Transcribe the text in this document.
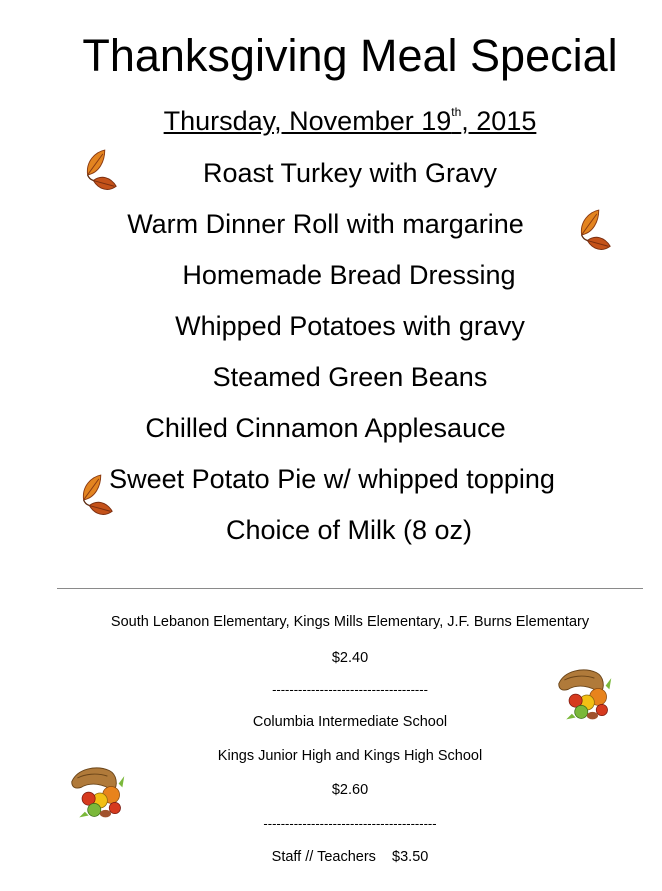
Thanksgiving Meal Special
Thursday, November 19th, 2015
Roast Turkey with Gravy
Warm Dinner Roll with margarine
Homemade Bread Dressing
Whipped Potatoes with gravy
Steamed Green Beans
Chilled Cinnamon Applesauce
Sweet Potato Pie w/ whipped topping
Choice of Milk (8 oz)
South Lebanon Elementary, Kings Mills Elementary, J.F. Burns Elementary
$2.40
------------------------------------
Columbia Intermediate School
Kings Junior High and Kings High School
$2.60
----------------------------------------
Staff // Teachers $3.50
